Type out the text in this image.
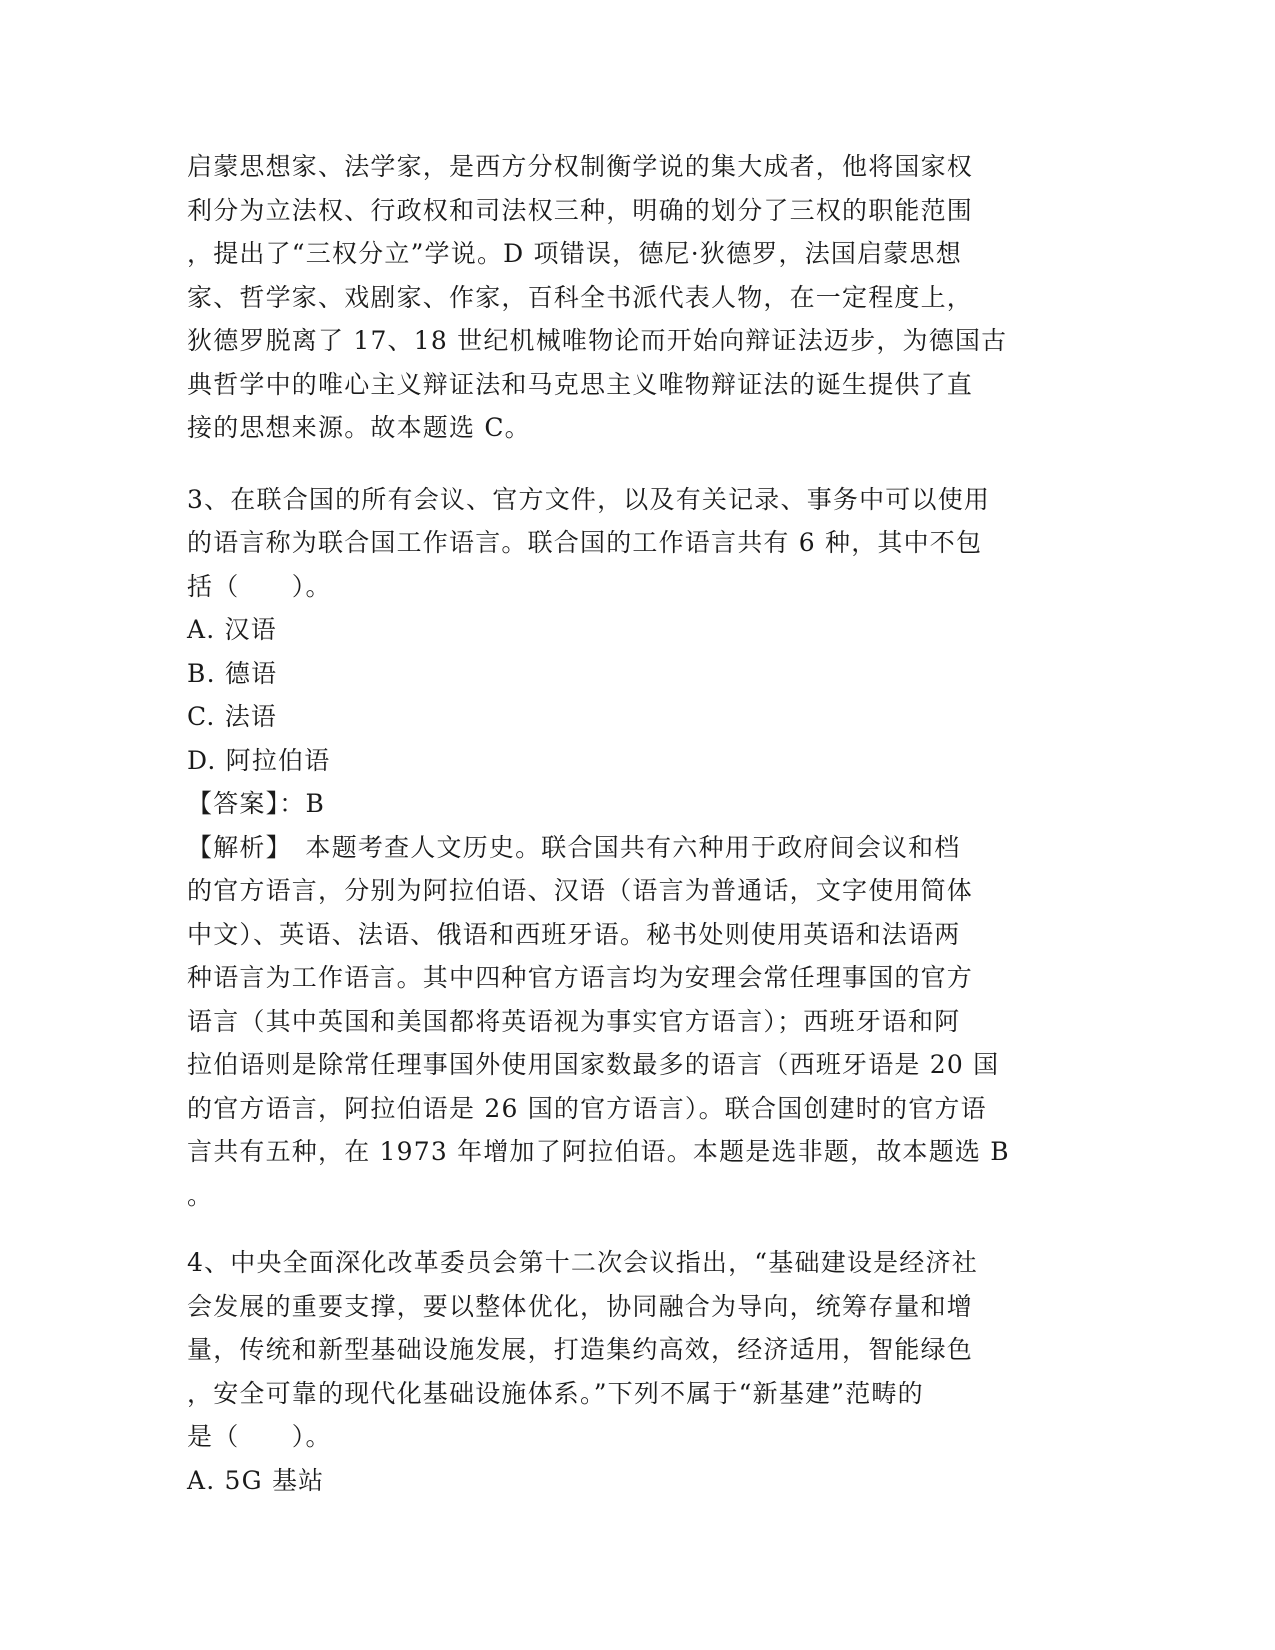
启蒙思想家、法学家，是西方分权制衡学说的集大成者，他将国家权
利分为立法权、行政权和司法权三种，明确的划分了三权的职能范围
，提出了“三权分立”学说。D 项错误，德尼·狄德罗，法国启蒙思想
家、哲学家、戏剧家、作家，百科全书派代表人物，在一定程度上，
狄德罗脱离了 17、18 世纪机械唯物论而开始向辩证法迈步，为德国古
典哲学中的唯心主义辩证法和马克思主义唯物辩证法的诞生提供了直
接的思想来源。故本题选 C。
3、在联合国的所有会议、官方文件，以及有关记录、事务中可以使用
的语言称为联合国工作语言。联合国的工作语言共有 6 种，其中不包
括（　　）。
A. 汉语
B. 德语
C. 法语
D. 阿拉伯语
【答案】：B
【解析】　本题考查人文历史。联合国共有六种用于政府间会议和档
的官方语言，分别为阿拉伯语、汉语（语言为普通话，文字使用简体
中文）、英语、法语、俄语和西班牙语。秘书处则使用英语和法语两
种语言为工作语言。其中四种官方语言均为安理会常任理事国的官方
语言（其中英国和美国都将英语视为事实官方语言）；西班牙语和阿
拉伯语则是除常任理事国外使用国家数最多的语言（西班牙语是 20 国
的官方语言，阿拉伯语是 26 国的官方语言）。联合国创建时的官方语
言共有五种，在 1973 年增加了阿拉伯语。本题是选非题，故本题选 B
。
4、中央全面深化改革委员会第十二次会议指出，“基础建设是经济社
会发展的重要支撑，要以整体优化，协同融合为导向，统筹存量和增
量，传统和新型基础设施发展，打造集约高效，经济适用，智能绿色
，安全可靠的现代化基础设施体系。”下列不属于“新基建”范畴的
是（　　）。
A. 5G 基站
